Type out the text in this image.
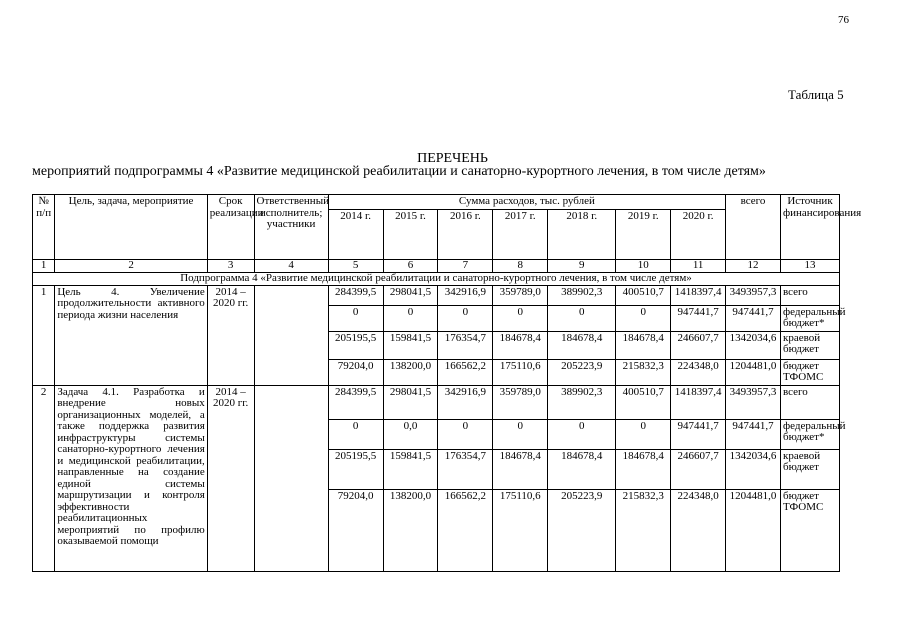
76
Таблица 5
ПЕРЕЧЕНЬ
мероприятий подпрограммы 4 «Развитие медицинской реабилитации и санаторно-курортного лечения, в том числе детям»
№ п/п	Цель, задача, мероприятие	Срок реализации	Ответственный исполнитель; участники	Сумма расходов, тыс. рублей							всего	Источник финансирования
				2014 г.	2015 г.	2016 г.	2017 г.	2018 г.	2019 г.	2020 г.		
1	2	3	4	5	6	7	8	9	10	11	12	13
Подпрограмма 4 «Развитие медицинской реабилитации и санаторно-курортного лечения, в том числе детям»												
1	Цель 4. Увеличение продолжительности активного периода жизни населения	2014 – 2020 гг.		284399,5	298041,5	342916,9	359789,0	389902,3	400510,7	1418397,4	3493957,3	всего
				0	0	0	0	0	0	947441,7	947441,7	федеральный бюджет*
				205195,5	159841,5	176354,7	184678,4	184678,4	184678,4	246607,7	1342034,6	краевой бюджет
				79204,0	138200,0	166562,2	175110,6	205223,9	215832,3	224348,0	1204481,0	бюджет ТФОМС
2	Задача 4.1. Разработка и внедрение новых организационных моделей, а также поддержка развития инфраструктуры системы санаторно-курортного лечения и медицинской реабилитации, направленные на создание единой системы маршрутизации и контроля эффективности реабилитационных мероприятий по профилю оказываемой помощи	2014 – 2020 гг.		284399,5	298041,5	342916,9	359789,0	389902,3	400510,7	1418397,4	3493957,3	всего
				0	0,0	0	0	0	0	947441,7	947441,7	федеральный бюджет*
				205195,5	159841,5	176354,7	184678,4	184678,4	184678,4	246607,7	1342034,6	краевой бюджет
				79204,0	138200,0	166562,2	175110,6	205223,9	215832,3	224348,0	1204481,0	бюджет ТФОМС
